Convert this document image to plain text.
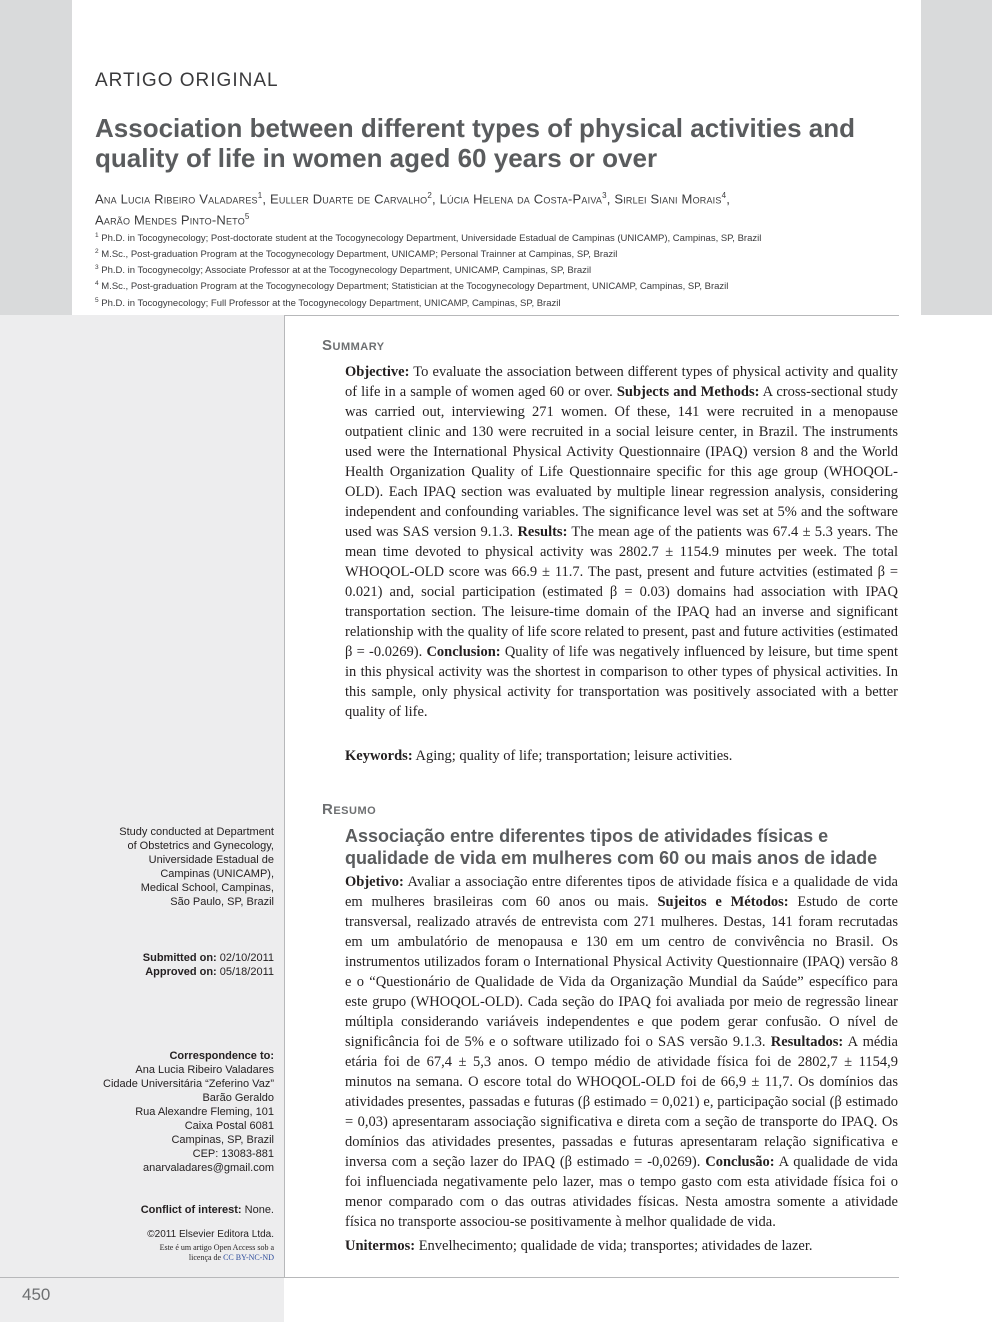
ARTIGO ORIGINAL
Association between different types of physical activities and quality of life in women aged 60 years or over
Ana Lucia Ribeiro Valadares$^1$, Euller Duarte de Carvalho$^2$, Lúcia Helena da Costa-Paiva$^3$, Sirlei Siani Morais$^4$,
Aarão Mendes Pinto-Neto$^5$
$^1$ Ph.D. in Tocogynecology; Post-doctorate student at the Tocogynecology Department, Universidade Estadual de Campinas (UNICAMP), Campinas, SP, Brazil
$^2$ M.Sc., Post-graduation Program at the Tocogynecology Department, UNICAMP; Personal Trainner at Campinas, SP, Brazil
$^3$ Ph.D. in Tocogynecolgy; Associate Professor at at the Tocogynecology Department, UNICAMP, Campinas, SP, Brazil
$^4$ M.Sc., Post-graduation Program at the Tocogynecology Department; Statistician at the Tocogynecology Department, UNICAMP, Campinas, SP, Brazil
$^5$ Ph.D. in Tocogynecology; Full Professor at the Tocogynecology Department, UNICAMP, Campinas, SP, Brazil
Summary
Objective: To evaluate the association between different types of physical activity and quality of life in a sample of women aged 60 or over. Subjects and Methods: A cross-sectional study was carried out, interviewing 271 women. Of these, 141 were recruited in a menopause outpatient clinic and 130 were recruited in a social leisure center, in Brazil. The instruments used were the International Physical Activity Questionnaire (IPAQ) version 8 and the World Health Organization Quality of Life Questionnaire specific for this age group (WHOQOL-OLD). Each IPAQ section was evaluated by multiple linear regression analysis, considering independent and confounding variables. The significance level was set at 5% and the software used was SAS version 9.1.3. Results: The mean age of the patients was 67.4 ± 5.3 years. The mean time devoted to physical activity was 2802.7 ± 1154.9 minutes per week. The total WHOQOL-OLD score was 66.9 ± 11.7. The past, present and future actvities (estimated β = 0.021) and, social participation (estimated β = 0.03) domains had association with IPAQ transportation section. The leisure-time domain of the IPAQ had an inverse and significant relationship with the quality of life score related to present, past and future activities (estimated β = -0.0269). Conclusion: Quality of life was negatively influenced by leisure, but time spent in this physical activity was the shortest in comparison to other types of physical activities. In this sample, only physical activity for transportation was positively associated with a better quality of life.
Keywords: Aging; quality of life; transportation; leisure activities.
Resumo
Associação entre diferentes tipos de atividades físicas e qualidade de vida em mulheres com 60 ou mais anos de idade
Objetivo: Avaliar a associação entre diferentes tipos de atividade física e a qualidade de vida em mulheres brasileiras com 60 anos ou mais. Sujeitos e Métodos: Estudo de corte transversal, realizado através de entrevista com 271 mulheres. Destas, 141 foram recrutadas em um ambulatório de menopausa e 130 em um centro de convivência no Brasil. Os instrumentos utilizados foram o International Physical Activity Questionnaire (IPAQ) versão 8 e o “Questionário de Qualidade de Vida da Organização Mundial da Saúde” específico para este grupo (WHOQOL-OLD). Cada seção do IPAQ foi avaliada por meio de regressão linear múltipla considerando variáveis independentes e que podem gerar confusão. O nível de significância foi de 5% e o software utilizado foi o SAS versão 9.1.3. Resultados: A média etária foi de 67,4 ± 5,3 anos. O tempo médio de atividade física foi de 2802,7 ± 1154,9 minutos na semana. O escore total do WHOQOL-OLD foi de 66,9 ± 11,7. Os domínios das atividades presentes, passadas e futuras (β estimado = 0,021) e, participação social (β estimado = 0,03) apresentaram associação significativa e direta com a seção de transporte do IPAQ. Os domínios das atividades presentes, passadas e futuras apresentaram relação significativa e inversa com a seção lazer do IPAQ (β estimado = -0,0269). Conclusão: A qualidade de vida foi influenciada negativamente pelo lazer, mas o tempo gasto com esta atividade física foi o menor comparado com o das outras atividades físicas. Nesta amostra somente a atividade física no transporte associou-se positivamente à melhor qualidade de vida.
Unitermos: Envelhecimento; qualidade de vida; transportes; atividades de lazer.
Study conducted at Department
of Obstetrics and Gynecology,
Universidade Estadual de
Campinas (UNICAMP),
Medical School, Campinas,
São Paulo, SP, Brazil
Submitted on: 02/10/2011
Approved on: 05/18/2011
Correspondence to:
Ana Lucia Ribeiro Valadares
Cidade Universitária “Zeferino Vaz”
Barão Geraldo
Rua Alexandre Fleming, 101
Caixa Postal 6081
Campinas, SP, Brazil
CEP: 13083-881
anarvaladares@gmail.com
Conflict of interest: None.
©2011 Elsevier Editora Ltda.
Este é um artigo Open Access sob a
licença de CC BY-NC-ND
450
